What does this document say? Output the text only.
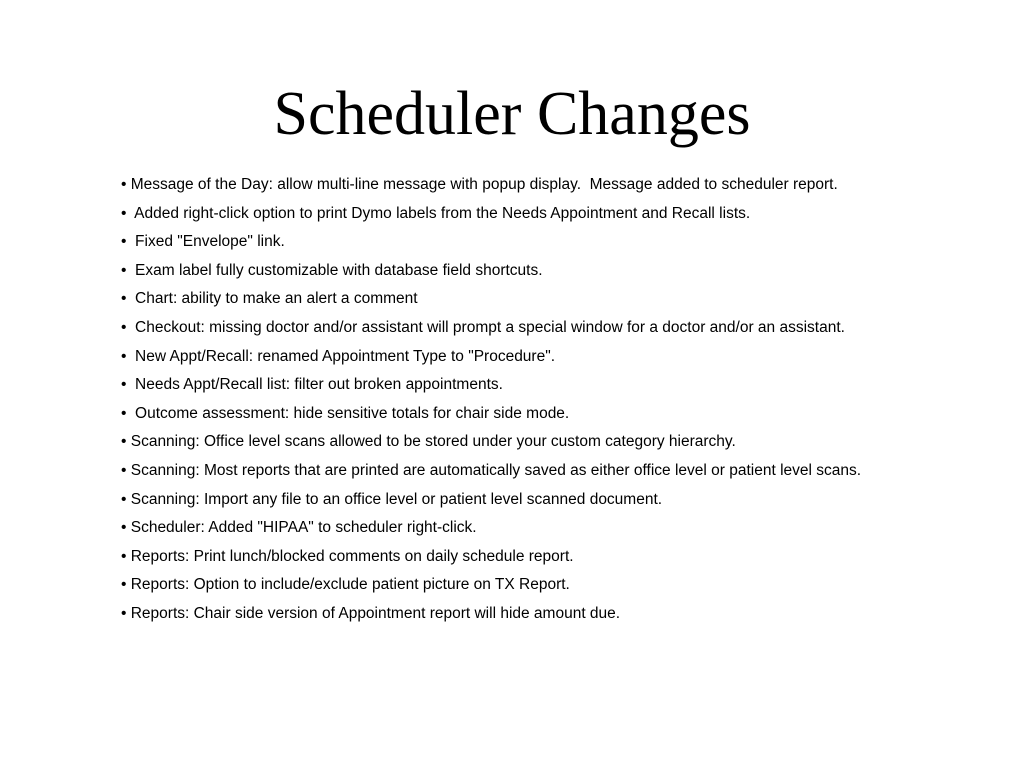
Scheduler Changes
• Message of the Day: allow multi-line message with popup display.  Message added to scheduler report.
•  Added right-click option to print Dymo labels from the Needs Appointment and Recall lists.
•  Fixed "Envelope" link.
•  Exam label fully customizable with database field shortcuts.
•  Chart: ability to make an alert a comment
•  Checkout: missing doctor and/or assistant will prompt a special window for a doctor and/or an assistant.
•  New Appt/Recall: renamed Appointment Type to "Procedure".
•  Needs Appt/Recall list: filter out broken appointments.
•  Outcome assessment: hide sensitive totals for chair side mode.
• Scanning: Office level scans allowed to be stored under your custom category hierarchy.
• Scanning: Most reports that are printed are automatically saved as either office level or patient level scans.
• Scanning: Import any file to an office level or patient level scanned document.
• Scheduler: Added "HIPAA" to scheduler right-click.
• Reports: Print lunch/blocked comments on daily schedule report.
• Reports: Option to include/exclude patient picture on TX Report.
• Reports: Chair side version of Appointment report will hide amount due.
